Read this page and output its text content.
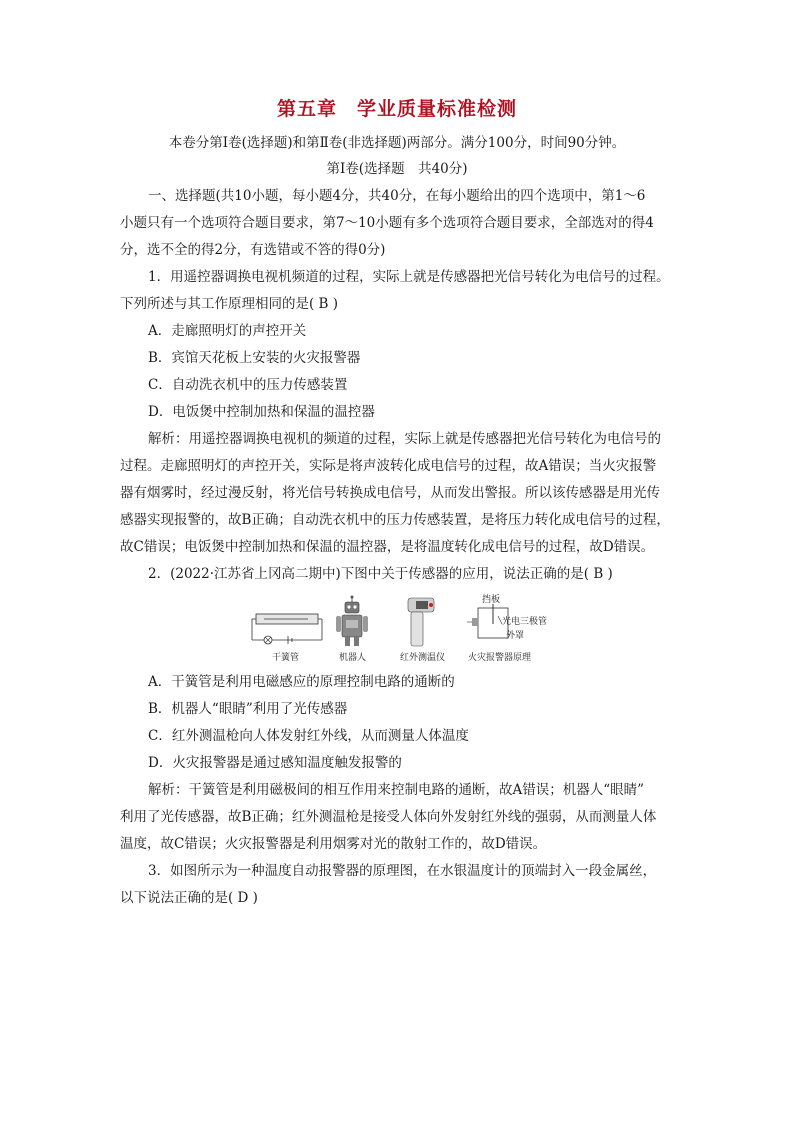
第五章　学业质量标准检测
本卷分第Ⅰ卷(选择题)和第Ⅱ卷(非选择题)两部分。满分100分，时间90分钟。
第Ⅰ卷(选择题　共40分)
一、选择题(共10小题，每小题4分，共40分，在每小题给出的四个选项中，第1～6
小题只有一个选项符合题目要求，第7～10小题有多个选项符合题目要求，全部选对的得4
分，选不全的得2分，有选错或不答的得0分)
1．用遥控器调换电视机频道的过程，实际上就是传感器把光信号转化为电信号的过程。
下列所述与其工作原理相同的是( B )
A．走廊照明灯的声控开关
B．宾馆天花板上安装的火灾报警器
C．自动洗衣机中的压力传感装置
D．电饭煲中控制加热和保温的温控器
解析：用遥控器调换电视机的频道的过程，实际上就是传感器把光信号转化为电信号的
过程。走廊照明灯的声控开关，实际是将声波转化成电信号的过程，故A错误；当火灾报警
器有烟雾时，经过漫反射，将光信号转换成电信号，从而发出警报。所以该传感器是用光传
感器实现报警的，故B正确；自动洗衣机中的压力传感装置，是将压力转化成电信号的过程，
故C错误；电饭煲中控制加热和保温的温控器，是将温度转化成电信号的过程，故D错误。
2．(2022·江苏省上冈高二期中)下图中关于传感器的应用，说法正确的是( B )
干簧管	机器人	红外测温仪
挡板
光电三极管
外罩
火灾报警器原理
A．干簧管是利用电磁感应的原理控制电路的通断的
B．机器人“眼睛”利用了光传感器
C．红外测温枪向人体发射红外线，从而测量人体温度
D．火灾报警器是通过感知温度触发报警的
解析：干簧管是利用磁极间的相互作用来控制电路的通断，故A错误；机器人“眼睛”
利用了光传感器，故B正确；红外测温枪是接受人体向外发射红外线的强弱，从而测量人体
温度，故C错误；火灾报警器是利用烟雾对光的散射工作的，故D错误。
3．如图所示为一种温度自动报警器的原理图，在水银温度计的顶端封入一段金属丝，
以下说法正确的是( D )
